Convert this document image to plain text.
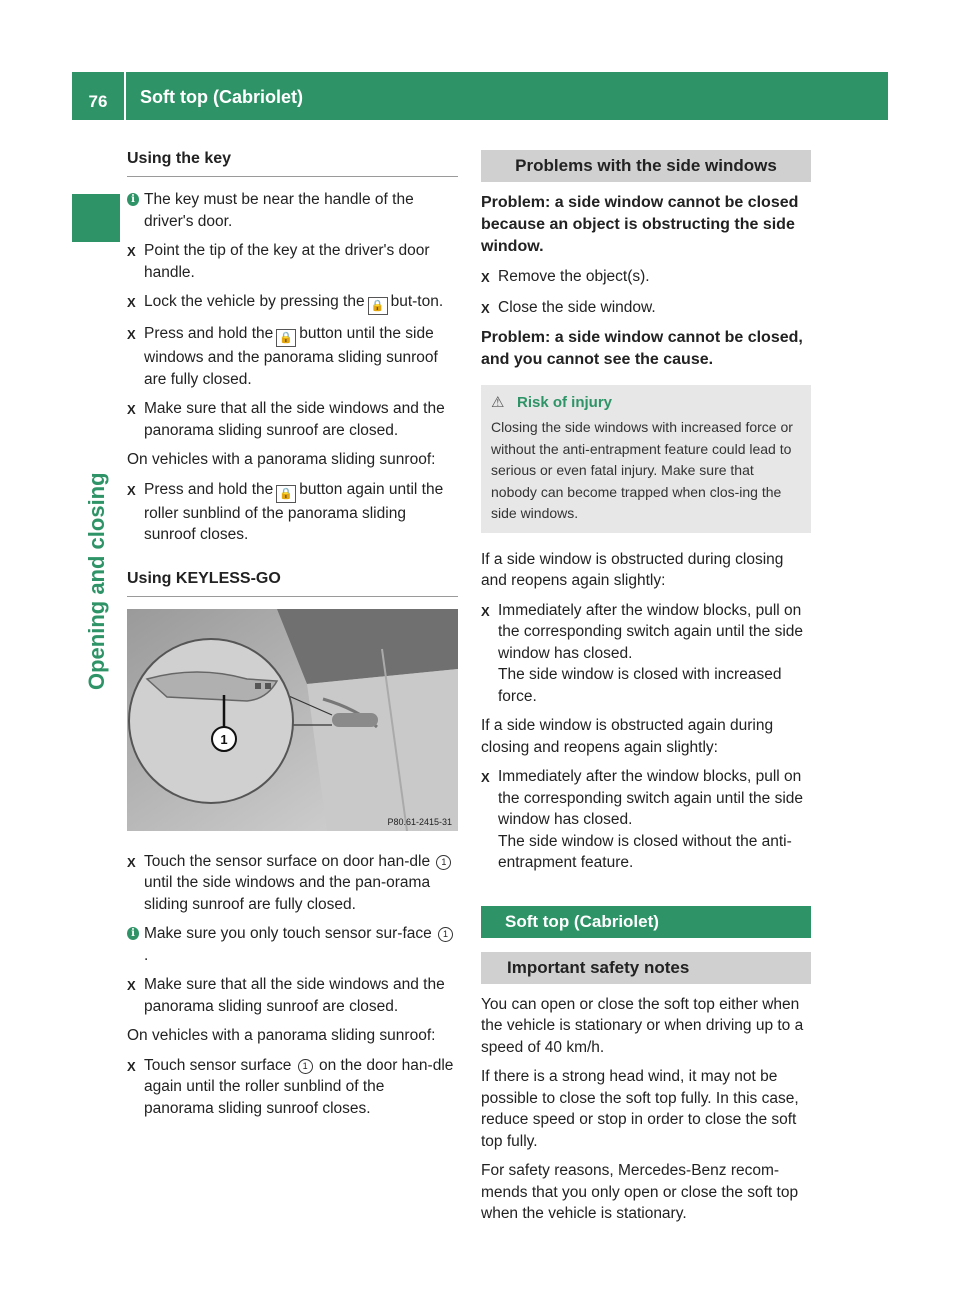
76	Soft top (Cabriolet)
Opening and closing
Using the key
i The key must be near the handle of the driver's door.
X Point the tip of the key at the driver's door handle.
X Lock the vehicle by pressing the 🔒 but-ton.
X Press and hold the 🔒 button until the side windows and the panorama sliding sunroof are fully closed.
X Make sure that all the side windows and the panorama sliding sunroof are closed.

On vehicles with a panorama sliding sunroof:

X Press and hold the 🔒 button again until the roller sunblind of the panorama sliding sunroof closes.
Using KEYLESS-GO
1
P80.61-2415-31
X Touch the sensor surface on door han-dle 1 until the side windows and the pan-orama sliding sunroof are fully closed.
i Make sure you only touch sensor sur-face 1.
X Make sure that all the side windows and the panorama sliding sunroof are closed.

On vehicles with a panorama sliding sunroof:

X Touch sensor surface 1 on the door han-dle again until the roller sunblind of the panorama sliding sunroof closes.
Problems with the side windows

Problem: a side window cannot be closed because an object is obstructing the side window.

X Remove the object(s).
X Close the side window.

Problem: a side window cannot be closed, and you cannot see the cause.

⚠ Risk of injury
Closing the side windows with increased force or without the anti-entrapment feature could lead to serious or even fatal injury. Make sure that nobody can become trapped when clos-ing the side windows.

If a side window is obstructed during closing and reopens again slightly:

X Immediately after the window blocks, pull on the corresponding switch again until the side window has closed.
The side window is closed with increased force.

If a side window is obstructed again during closing and reopens again slightly:

X Immediately after the window blocks, pull on the corresponding switch again until the side window has closed.
The side window is closed without the anti-entrapment feature.
Soft top (Cabriolet)
Important safety notes

You can open or close the soft top either when the vehicle is stationary or when driving up to a speed of 40 km/h.

If there is a strong head wind, it may not be possible to close the soft top fully. In this case, reduce speed or stop in order to close the soft top fully.

For safety reasons, Mercedes-Benz recom-mends that you only open or close the soft top when the vehicle is stationary.
